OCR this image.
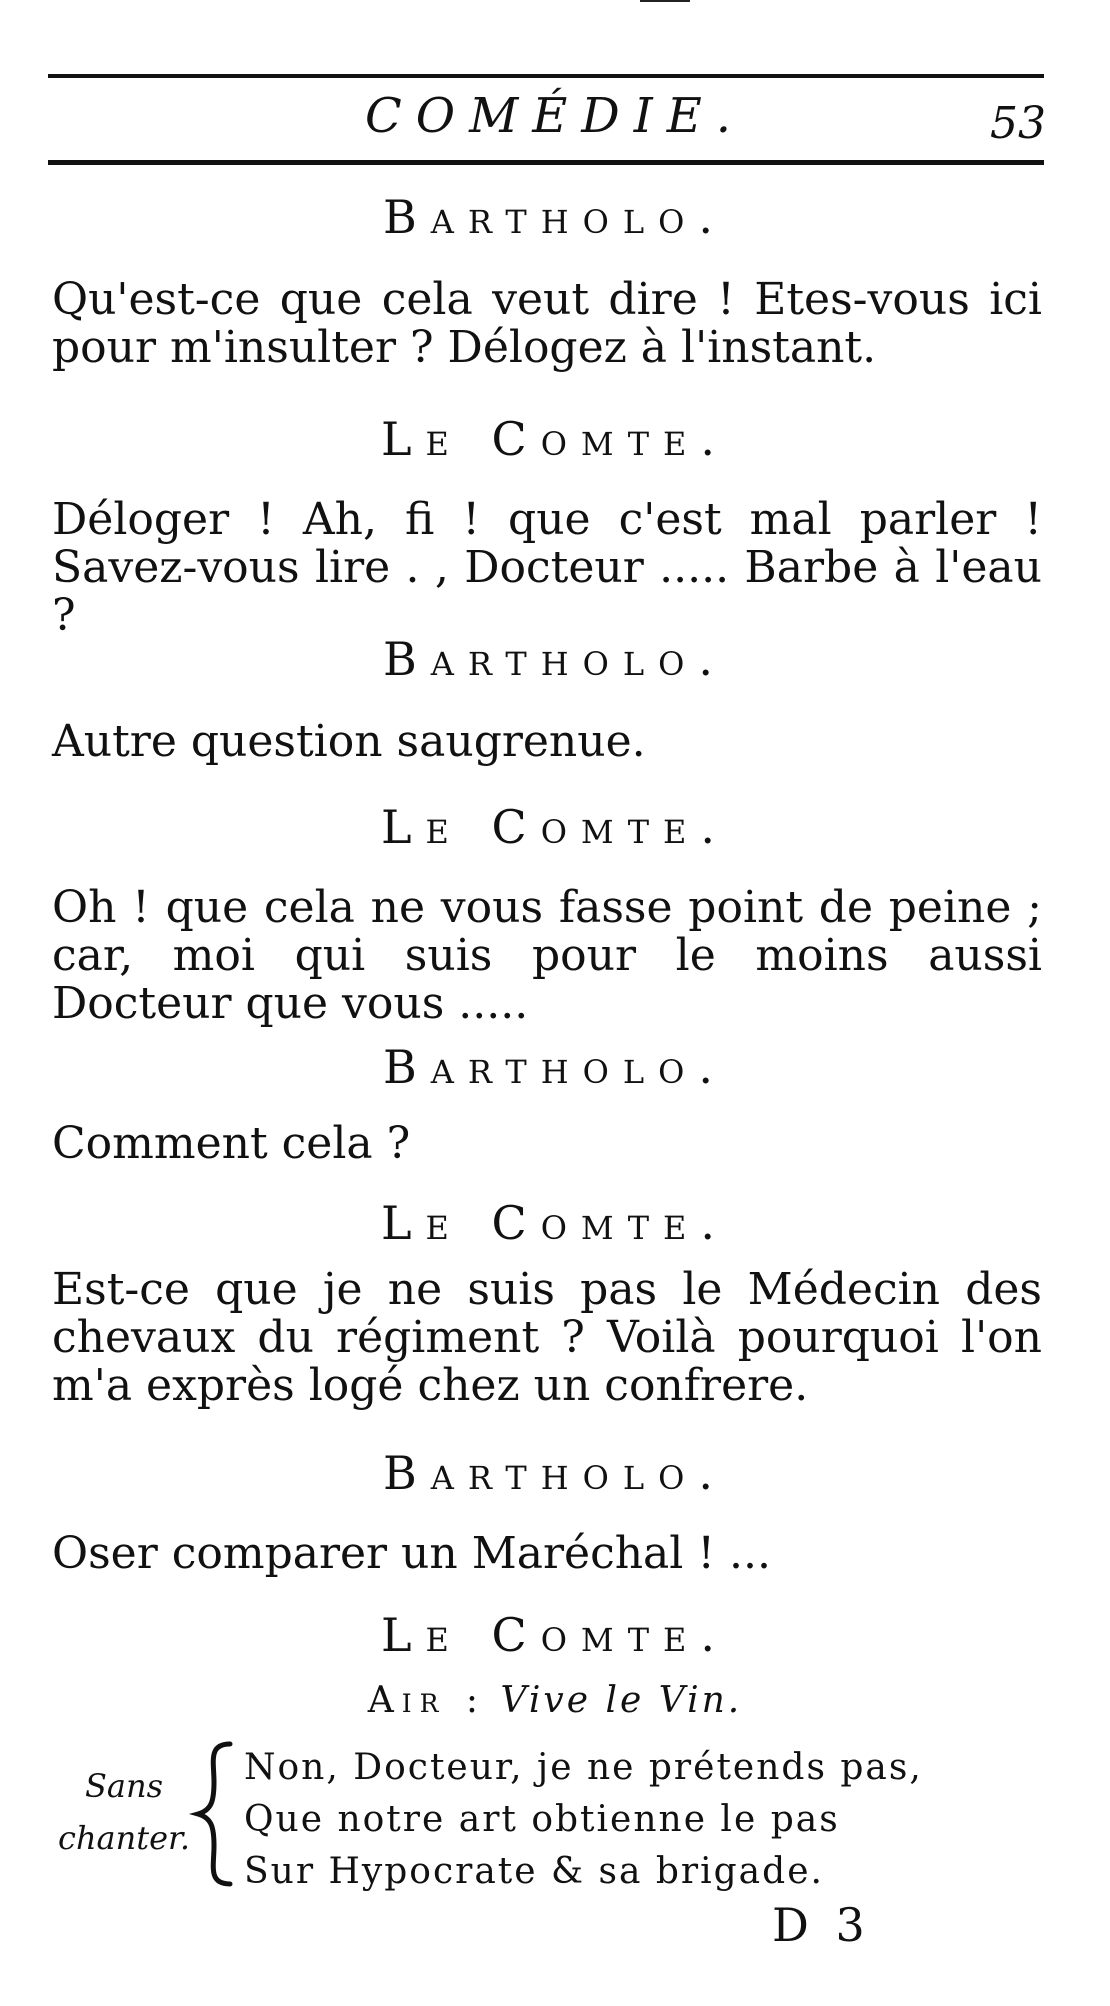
COMÉDIE.	53
Bartholo.
Qu'est-ce que cela veut dire ! Etes-vous ici pour m'insulter ? Délogez à l'instant.
Le Comte.
Déloger ! Ah, fi ! que c'est mal parler ! Savez-vous lire . , Docteur ..... Barbe à l'eau ?
Bartholo.
Autre question saugrenue.
Le Comte.
Oh ! que cela ne vous fasse point de peine ; car, moi qui suis pour le moins aussi Docteur que vous .....
Bartholo.
Comment cela ?
Le Comte.
Est-ce que je ne suis pas le Médecin des chevaux du régiment ? Voilà pourquoi l'on m'a exprès logé chez un confrere.
Bartholo.
Oser comparer un Maréchal ! ...
Le Comte.
Air : Vive le Vin.
Sans
chanter.
Non, Docteur, je ne prétends pas,
Que notre art obtienne le pas
Sur Hypocrate & sa brigade.
D 3
